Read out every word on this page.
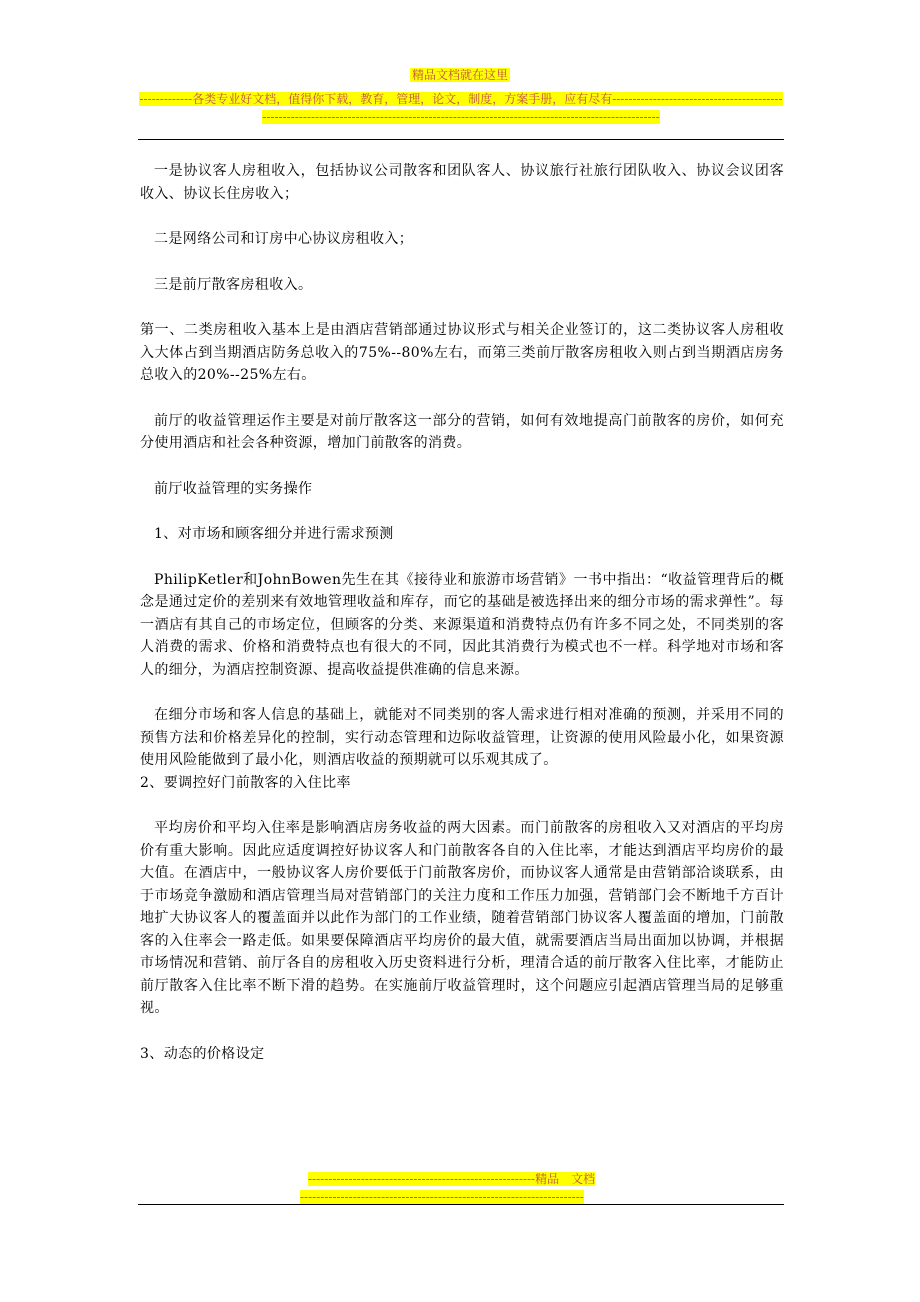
精品文档就在这里
-------------各类专业好文档，值得你下载，教育，管理，论文，制度，方案手册，应有尽有--------------------------------------------------------------------------------------------------------------------------------------------

一是协议客人房租收入，包括协议公司散客和团队客人、协议旅行社旅行团队收入、协议会议团客收入、协议长住房收入；

二是网络公司和订房中心协议房租收入；

三是前厅散客房租收入。

第一、二类房租收入基本上是由酒店营销部通过协议形式与相关企业签订的，这二类协议客人房租收入大体占到当期酒店防务总收入的75%--80%左右，而第三类前厅散客房租收入则占到当期酒店房务总收入的20%--25%左右。

前厅的收益管理运作主要是对前厅散客这一部分的营销，如何有效地提高门前散客的房价，如何充分使用酒店和社会各种资源，增加门前散客的消费。

前厅收益管理的实务操作

1、对市场和顾客细分并进行需求预测

PhilipKetler和JohnBowen先生在其《接待业和旅游市场营销》一书中指出：“收益管理背后的概念是通过定价的差别来有效地管理收益和库存，而它的基础是被选择出来的细分市场的需求弹性”。每一酒店有其自己的市场定位，但顾客的分类、来源渠道和消费特点仍有许多不同之处，不同类别的客人消费的需求、价格和消费特点也有很大的不同，因此其消费行为模式也不一样。科学地对市场和客人的细分，为酒店控制资源、提高收益提供准确的信息来源。

在细分市场和客人信息的基础上，就能对不同类别的客人需求进行相对准确的预测，并采用不同的预售方法和价格差异化的控制，实行动态管理和边际收益管理，让资源的使用风险最小化，如果资源使用风险能做到了最小化，则酒店收益的预期就可以乐观其成了。

2、要调控好门前散客的入住比率

平均房价和平均入住率是影响酒店房务收益的两大因素。而门前散客的房租收入又对酒店的平均房价有重大影响。因此应适度调控好协议客人和门前散客各自的入住比率，才能达到酒店平均房价的最大值。在酒店中，一般协议客人房价要低于门前散客房价，而协议客人通常是由营销部洽谈联系，由于市场竞争激励和酒店管理当局对营销部门的关注力度和工作压力加强，营销部门会不断地千方百计地扩大协议客人的覆盖面并以此作为部门的工作业绩，随着营销部门协议客人覆盖面的增加，门前散客的入住率会一路走低。如果要保障酒店平均房价的最大值，就需要酒店当局出面加以协调，并根据市场情况和营销、前厅各自的房租收入历史资料进行分析，理清合适的前厅散客入住比率，才能防止前厅散客入住比率不断下滑的趋势。在实施前厅收益管理时，这个问题应引起酒店管理当局的足够重视。

3、动态的价格设定

--------------------------------------------------------精品　文档
----------------------------------------------------------------------
